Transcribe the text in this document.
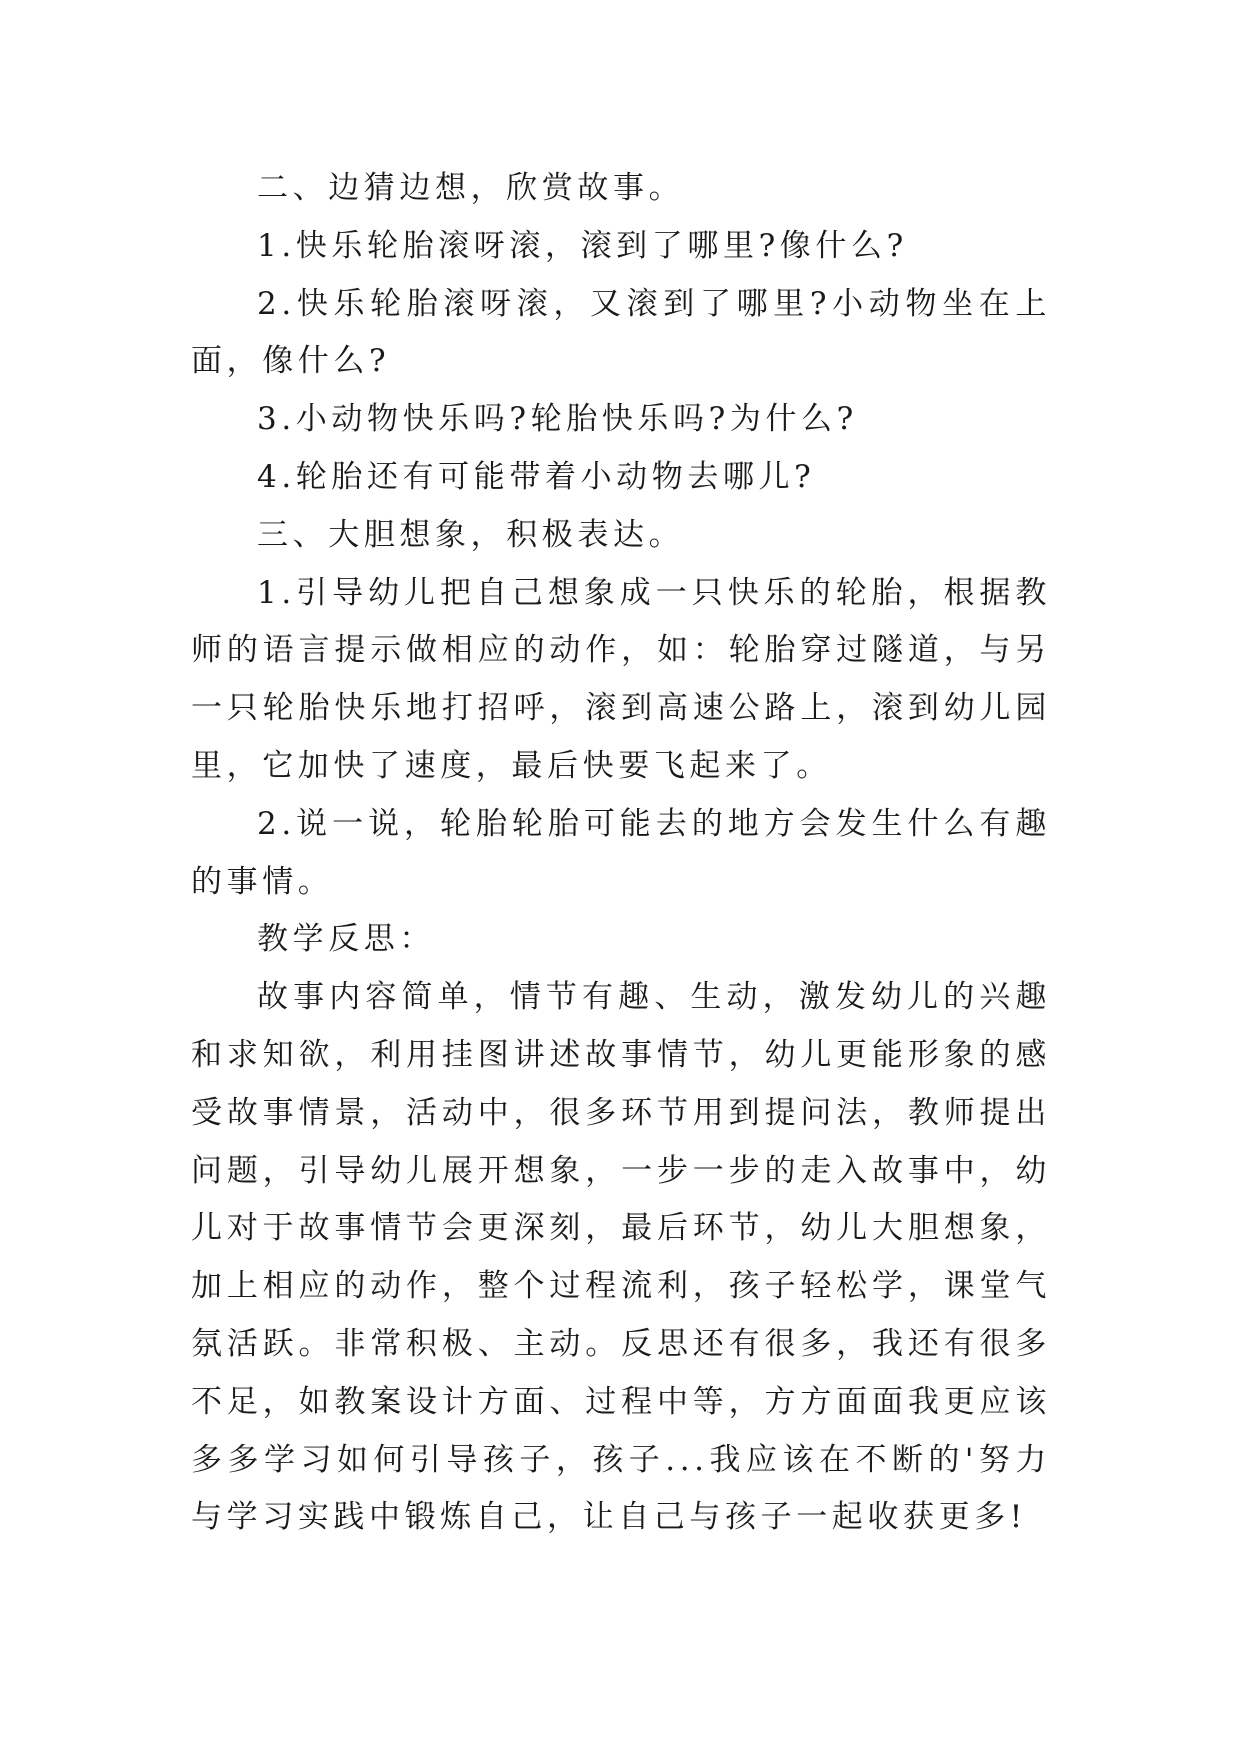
二、边猜边想，欣赏故事。

1.快乐轮胎滚呀滚，滚到了哪里?像什么?

2.快乐轮胎滚呀滚，又滚到了哪里?小动物坐在上面，像什么?

3.小动物快乐吗?轮胎快乐吗?为什么?

4.轮胎还有可能带着小动物去哪儿?

三、大胆想象，积极表达。

1.引导幼儿把自己想象成一只快乐的轮胎，根据教师的语言提示做相应的动作，如：轮胎穿过隧道，与另一只轮胎快乐地打招呼，滚到高速公路上，滚到幼儿园里，它加快了速度，最后快要飞起来了。

2.说一说，轮胎轮胎可能去的地方会发生什么有趣的事情。

教学反思：

故事内容简单，情节有趣、生动，激发幼儿的兴趣和求知欲，利用挂图讲述故事情节，幼儿更能形象的感受故事情景，活动中，很多环节用到提问法，教师提出问题，引导幼儿展开想象，一步一步的走入故事中，幼儿对于故事情节会更深刻，最后环节，幼儿大胆想象，加上相应的动作，整个过程流利，孩子轻松学，课堂气氛活跃。非常积极、主动。反思还有很多，我还有很多不足，如教案设计方面、过程中等，方方面面我更应该多多学习如何引导孩子，孩子...我应该在不断的'努力与学习实践中锻炼自己，让自己与孩子一起收获更多!
